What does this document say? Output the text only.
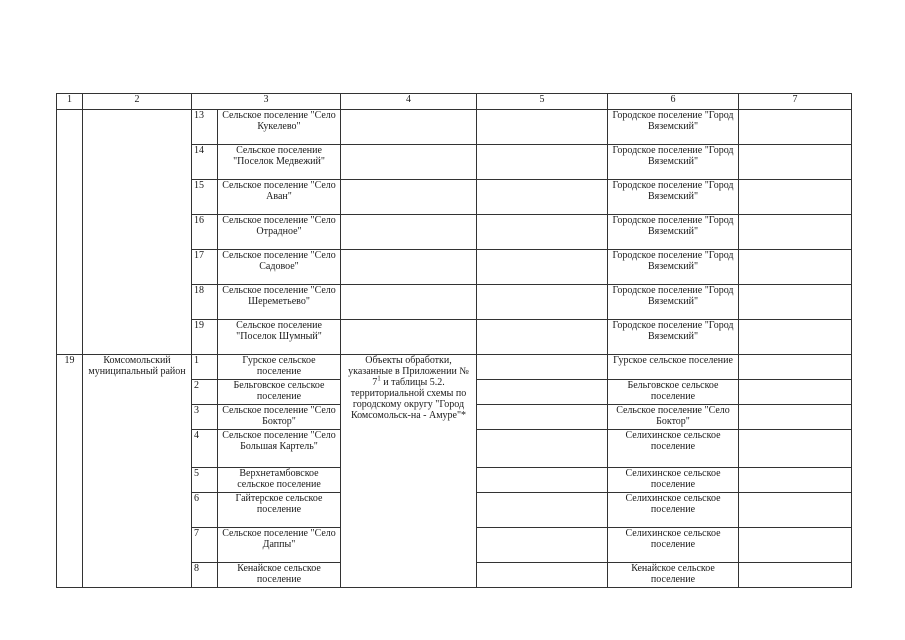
1	2	3		4	5	6	7
		13	Сельское поселение "Село Кукелево"			Городское поселение "Город Вяземский"	
		14	Сельское поселение "Поселок Медвежий"			Городское поселение "Город Вяземский"	
		15	Сельское поселение "Село Аван"			Городское поселение "Город Вяземский"	
		16	Сельское поселение "Село Отрадное"			Городское поселение "Город Вяземский"	
		17	Сельское поселение "Село Садовое"			Городское поселение "Город Вяземский"	
		18	Сельское поселение "Село Шереметьево"			Городское поселение "Город Вяземский"	
		19	Сельское поселение "Поселок Шумный"			Городское поселение "Город Вяземский"	
19	Комсомольский муниципальный район	1	Гурское сельское поселение	Объекты обработки, указанные в Приложении № $7^1$ и таблицы 5.2. территориальной схемы по городскому округу "Город Комсомольск-на - Амуре"*		Гурское сельское поселение	
		2	Бельговское сельское поселение			Бельговское сельское поселение	
		3	Сельское поселение "Село Боктор"			Сельское поселение "Село Боктор"	
		4	Сельское поселение "Село Большая Картель"			Селихинское сельское поселение	
		5	Верхнетамбовское сельское поселение			Селихинское сельское поселение	
		6	Гайтерское сельское поселение			Селихинское сельское поселение	
		7	Сельское поселение "Село Даппы"			Селихинское сельское поселение	
		8	Кенайское сельское поселение			Кенайское сельское поселение	
